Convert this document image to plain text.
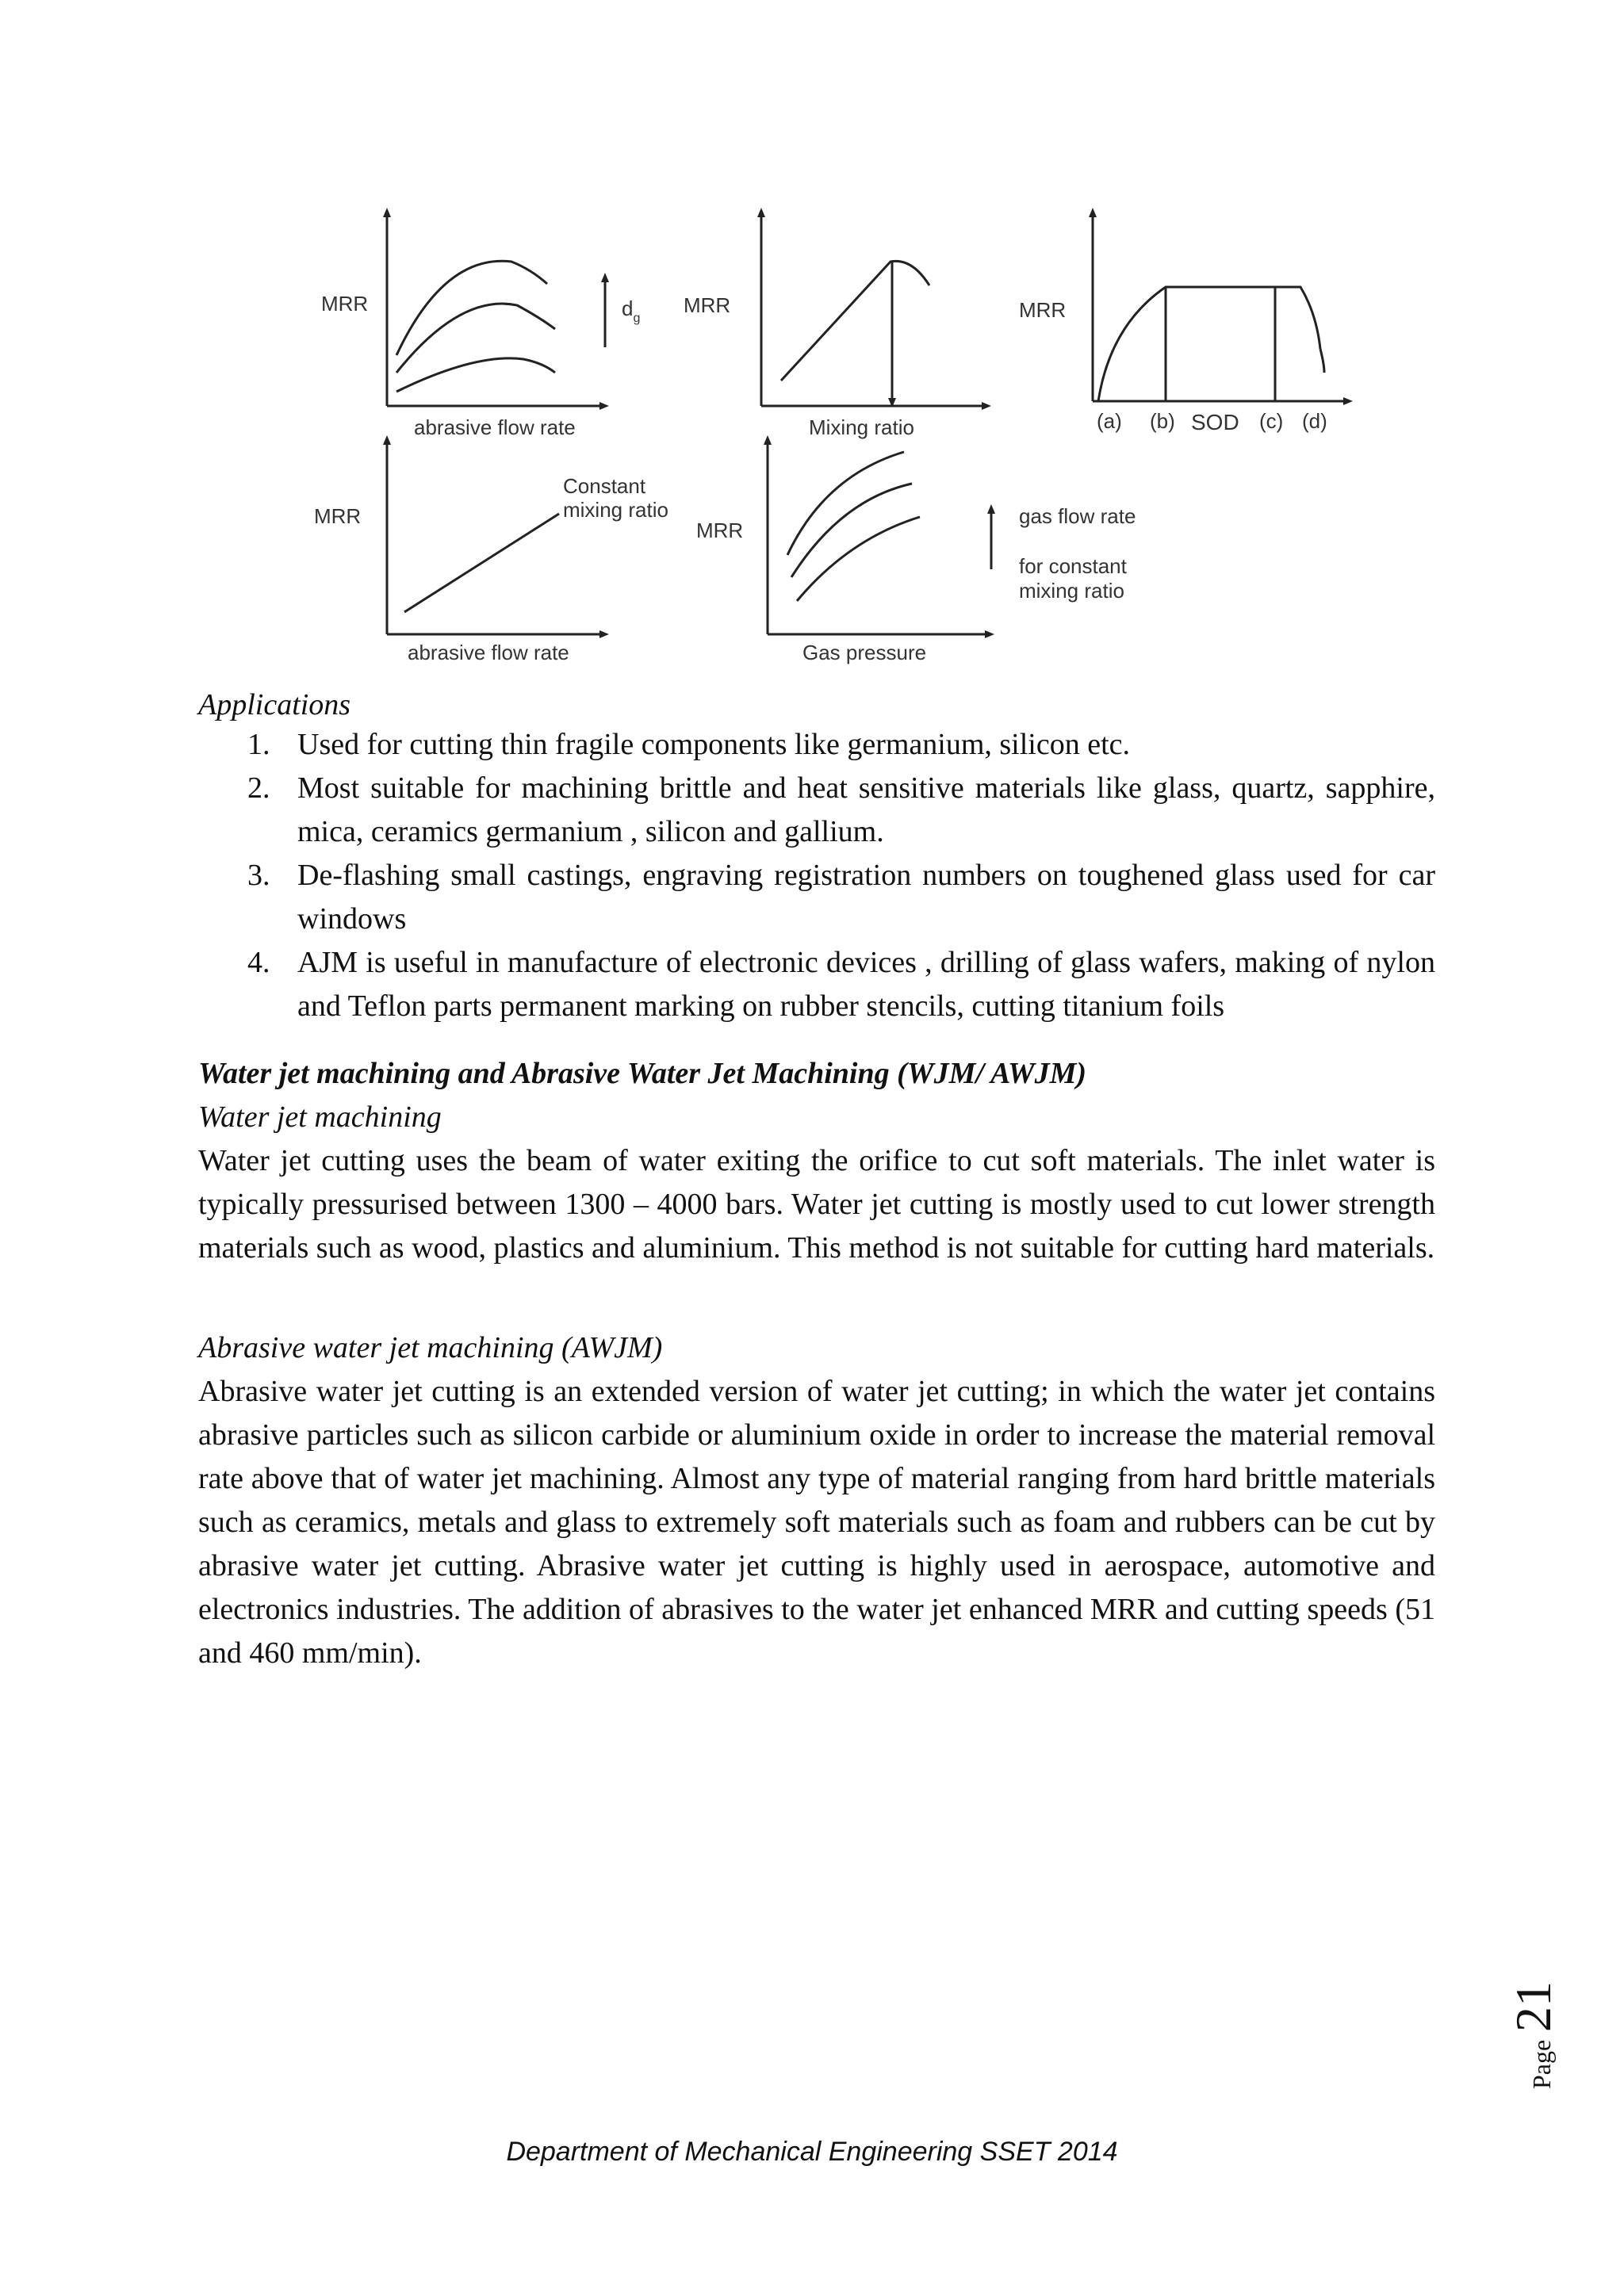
MRR
abrasive flow rate
$d_g$
MRR
Mixing ratio
MRR
(a) (b) SOD (c) (d)
MRR
Constant
mixing ratio
abrasive flow rate
MRR
gas flow rate
for constant
mixing ratio
Gas pressure
Applications
1. Used for cutting thin fragile components like germanium, silicon etc.
2. Most suitable for machining brittle and heat sensitive materials like glass, quartz, sapphire, mica, ceramics germanium , silicon and gallium.
3. De-flashing small castings, engraving registration numbers on toughened glass used for car windows
4. AJM is useful in manufacture of electronic devices , drilling of glass wafers, making of nylon and Teflon parts permanent marking on rubber stencils, cutting titanium foils
Water jet machining and Abrasive Water Jet Machining (WJM/ AWJM)
Water jet machining
Water jet cutting uses the beam of water exiting the orifice to cut soft materials. The inlet water is typically pressurised between 1300 – 4000 bars. Water jet cutting is mostly used to cut lower strength materials such as wood, plastics and aluminium. This method is not suitable for cutting hard materials.
Abrasive water jet machining (AWJM)
Abrasive water jet cutting is an extended version of water jet cutting; in which the water jet contains abrasive particles such as silicon carbide or aluminium oxide in order to increase the material removal rate above that of water jet machining. Almost any type of material ranging from hard brittle materials such as ceramics, metals and glass to extremely soft materials such as foam and rubbers can be cut by abrasive water jet cutting. Abrasive water jet cutting is highly used in aerospace, automotive and electronics industries. The addition of abrasives to the water jet enhanced MRR and cutting speeds (51 and 460 mm/min).
Page
21
Department of Mechanical Engineering SSET 2014
